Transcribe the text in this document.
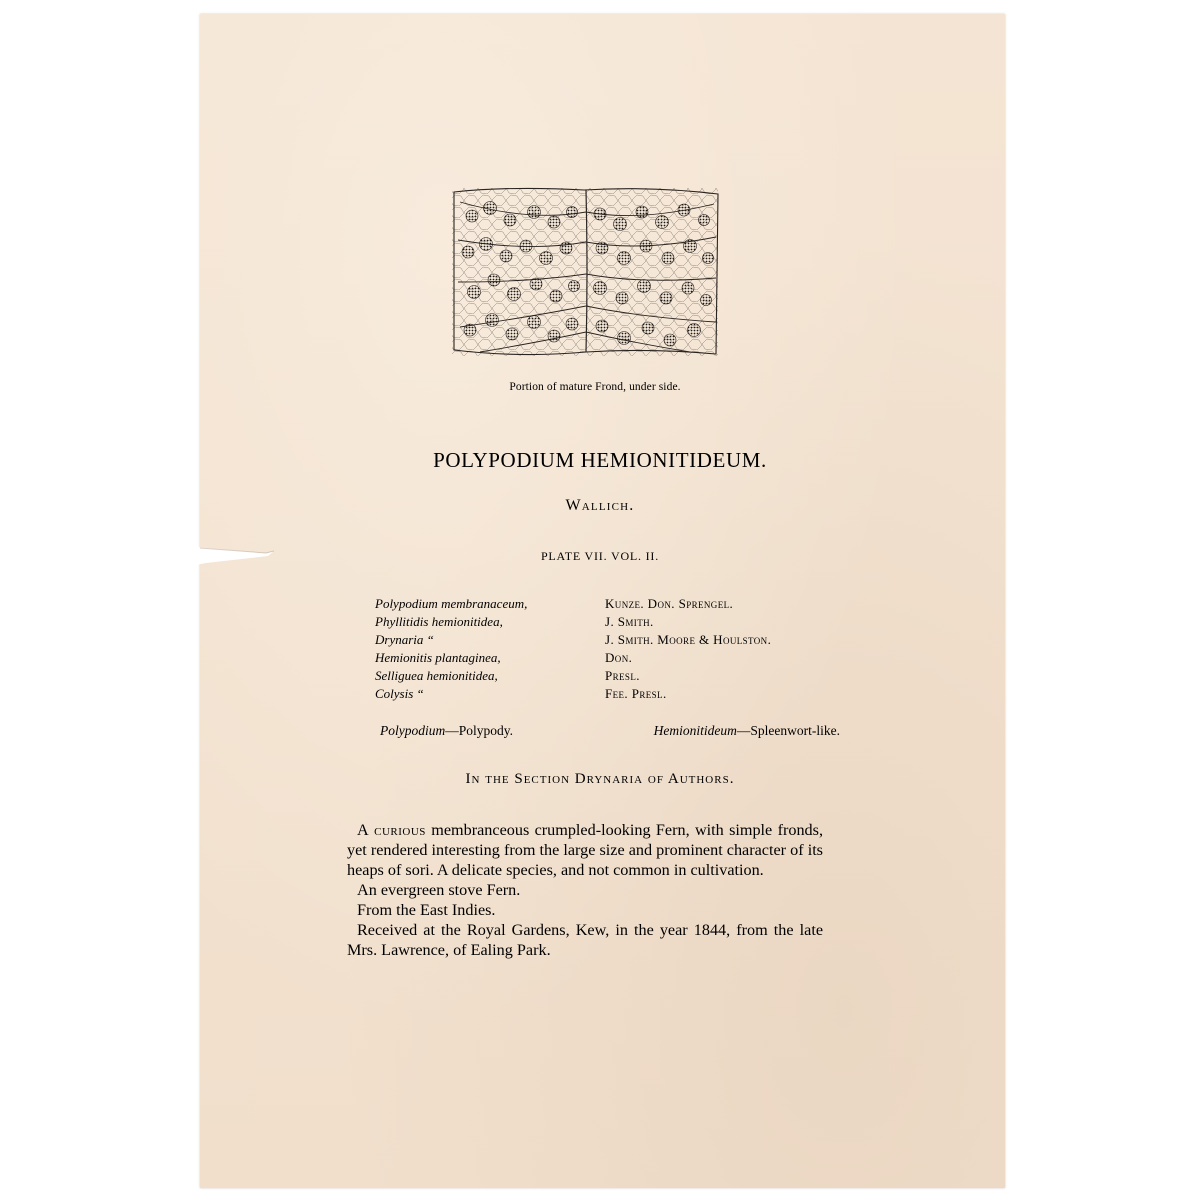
Portion of mature Frond, under side.
POLYPODIUM HEMIONITIDEUM.
Wallich.
PLATE VII. VOL. II.
Polypodium membranaceum,	Kunze. Don. Sprengel.
Phyllitidis hemionitidea,	J. Smith.
Drynaria “	J. Smith. Moore & Houlston.
Hemionitis plantaginea,	Don.
Selliguea hemionitidea,	Presl.
Colysis “	Fee. Presl.
Polypodium—Polypody.	Hemionitideum—Spleenwort-like.
In the Section Drynaria of Authors.
A curious membranceous crumpled-looking Fern, with simple fronds, yet rendered interesting from the large size and prominent character of its heaps of sori. A delicate species, and not common in cultivation.
An evergreen stove Fern.
From the East Indies.
Received at the Royal Gardens, Kew, in the year 1844, from the late Mrs. Lawrence, of Ealing Park.
